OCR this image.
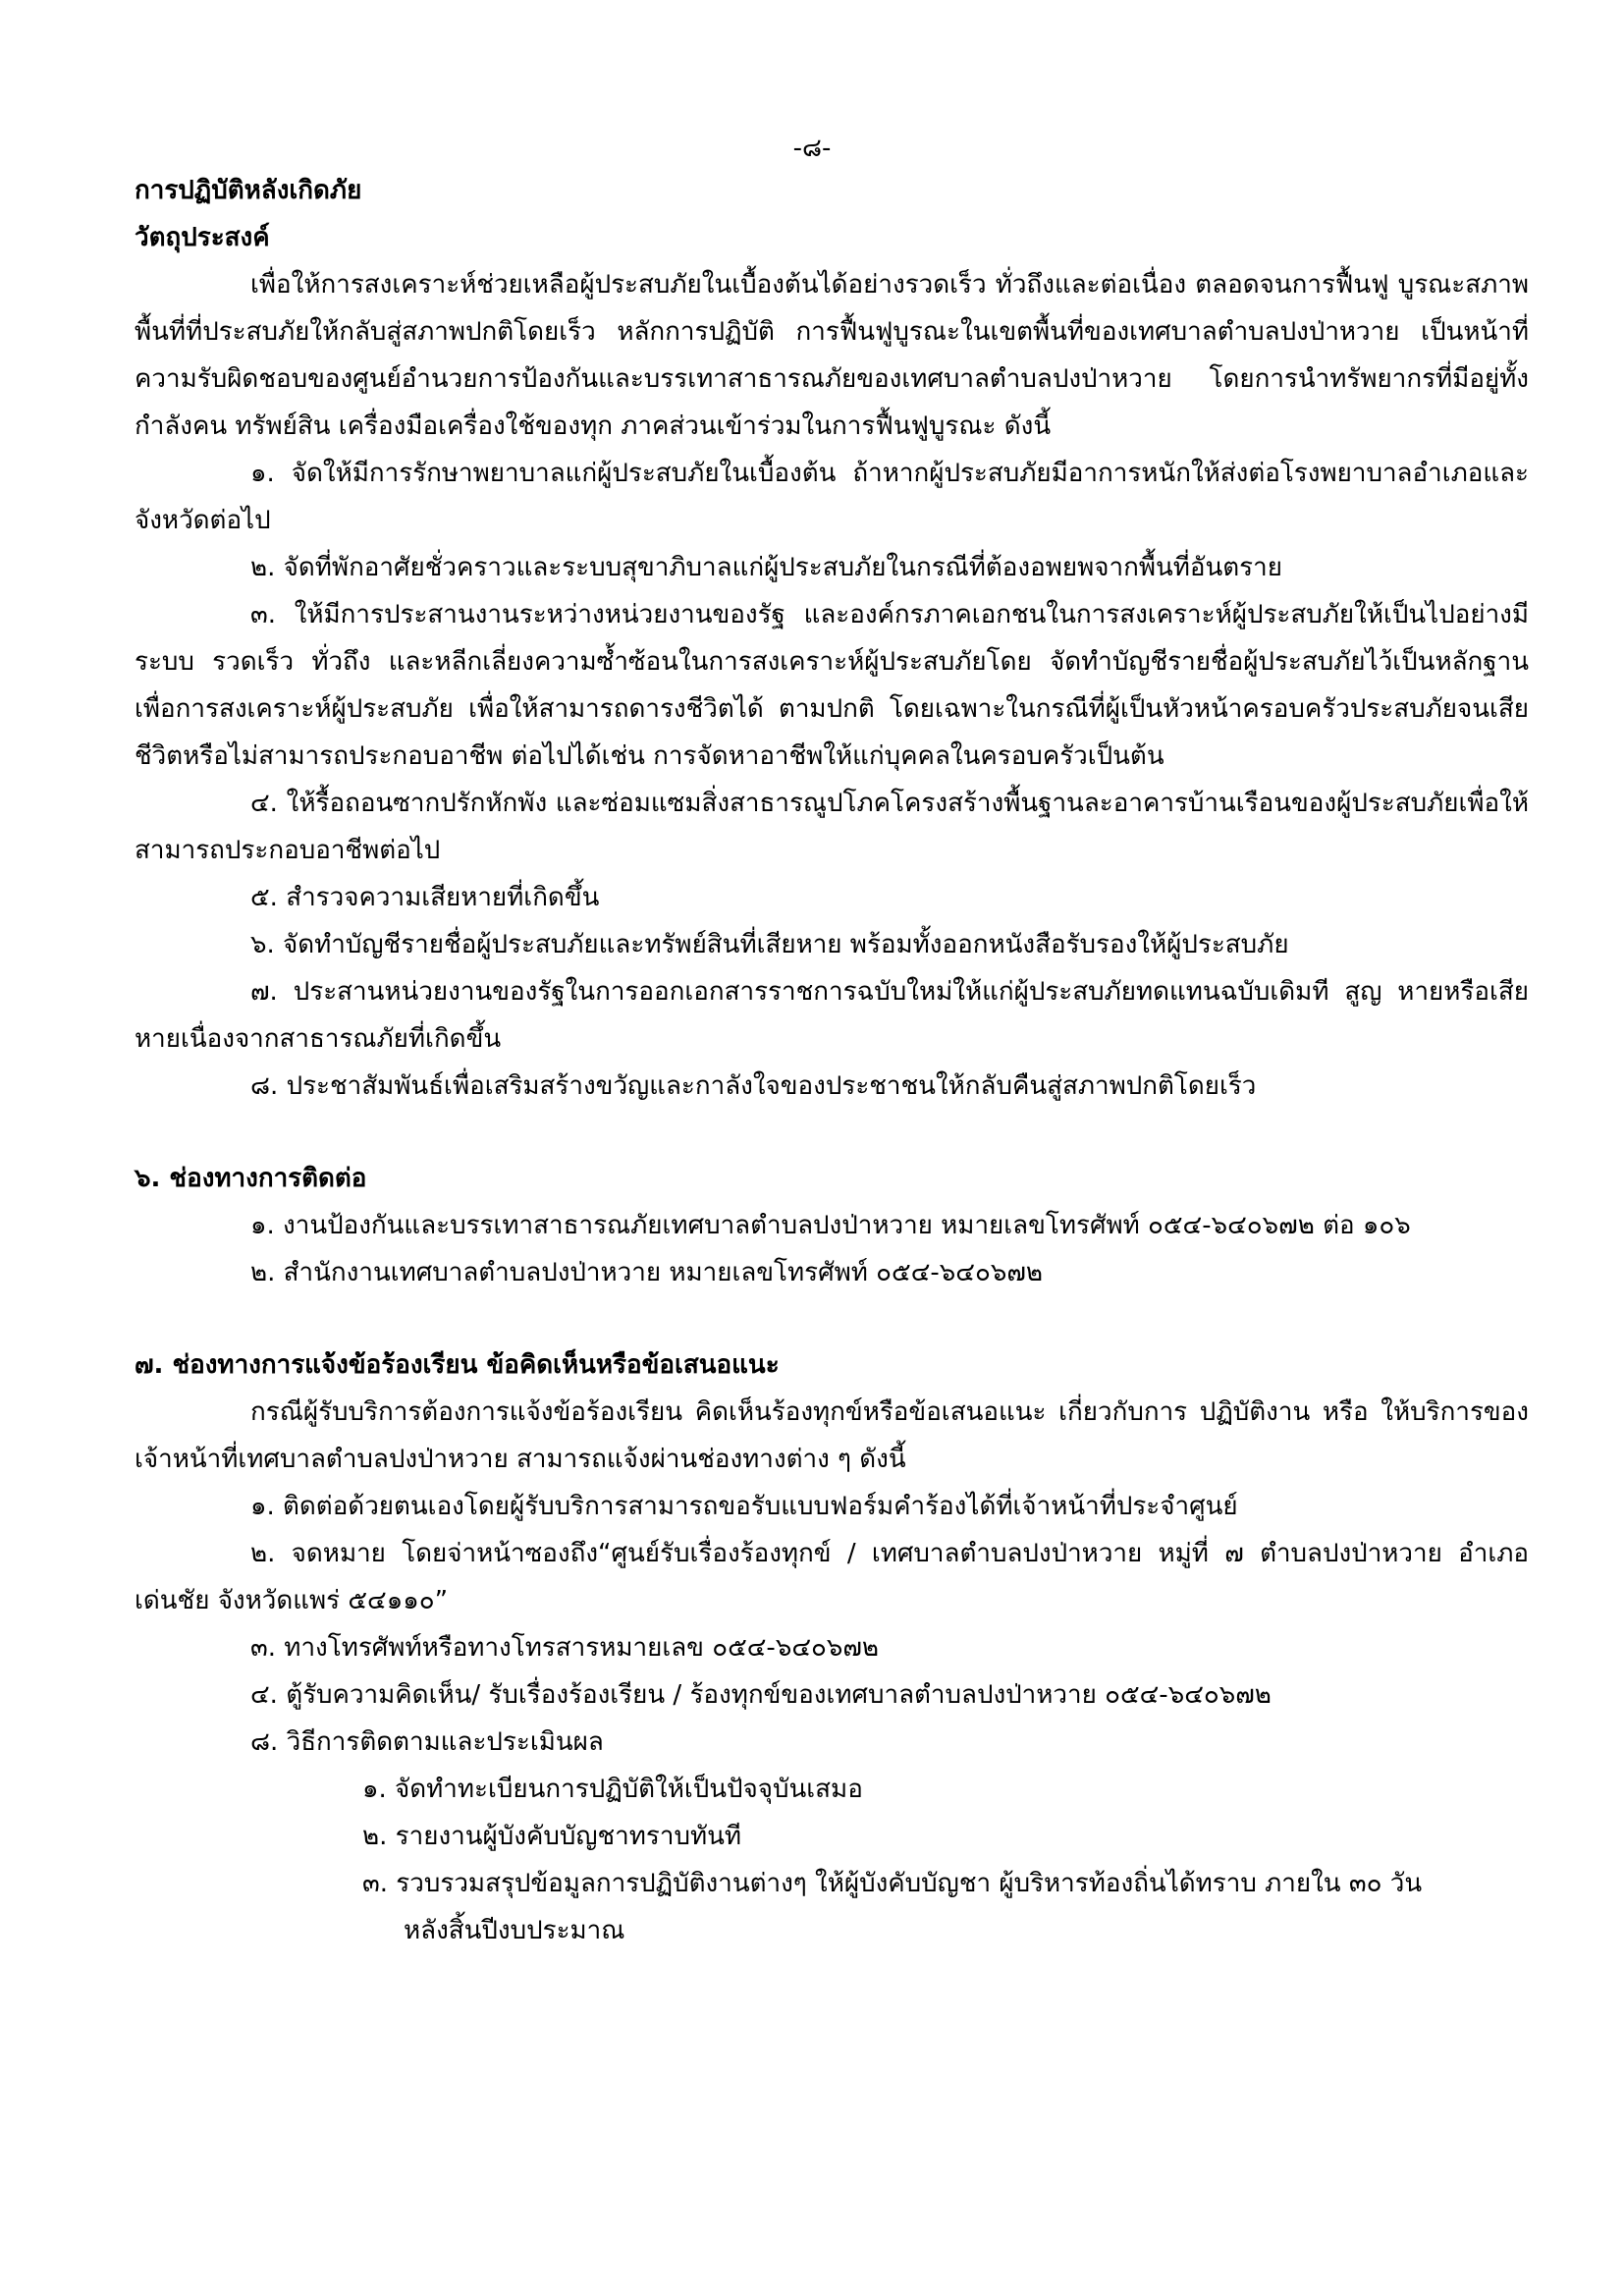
-๘-

การปฏิบัติหลังเกิดภัย

วัตถุประสงค์

เพื่อให้การสงเคราะห์ช่วยเหลือผู้ประสบภัยในเบื้องต้นได้อย่างรวดเร็ว ทั่วถึงและต่อเนื่อง ตลอดจนการฟื้นฟู บูรณะสภาพพื้นที่ที่ประสบภัยให้กลับสู่สภาพปกติโดยเร็ว หลักการปฏิบัติ การฟื้นฟูบูรณะในเขตพื้นที่ของเทศบาลตำบลปงป่าหวาย เป็นหน้าที่ ความรับผิดชอบของศูนย์อำนวยการป้องกันและบรรเทาสาธารณภัยของเทศบาลตำบลปงป่าหวาย โดยการนำทรัพยากรที่มีอยู่ทั้งกำลังคน ทรัพย์สิน เครื่องมือเครื่องใช้ของทุก ภาคส่วนเข้าร่วมในการฟื้นฟูบูรณะ ดังนี้

๑. จัดให้มีการรักษาพยาบาลแก่ผู้ประสบภัยในเบื้องต้น ถ้าหากผู้ประสบภัยมีอาการหนักให้ส่งต่อโรงพยาบาลอำเภอและจังหวัดต่อไป

๒. จัดที่พักอาศัยชั่วคราวและระบบสุขาภิบาลแก่ผู้ประสบภัยในกรณีที่ต้องอพยพจากพื้นที่อันตราย

๓. ให้มีการประสานงานระหว่างหน่วยงานของรัฐ และองค์กรภาคเอกชนในการสงเคราะห์ผู้ประสบภัยให้เป็นไปอย่างมีระบบ รวดเร็ว ทั่วถึง และหลีกเลี่ยงความซ้ำซ้อนในการสงเคราะห์ผู้ประสบภัยโดย จัดทำบัญชีรายชื่อผู้ประสบภัยไว้เป็นหลักฐานเพื่อการสงเคราะห์ผู้ประสบภัย เพื่อให้สามารถดารงชีวิตได้ ตามปกติ โดยเฉพาะในกรณีที่ผู้เป็นหัวหน้าครอบครัวประสบภัยจนเสียชีวิตหรือไม่สามารถประกอบอาชีพ ต่อไปได้เช่น การจัดหาอาชีพให้แก่บุคคลในครอบครัวเป็นต้น

๔. ให้รื้อถอนซากปรักหักพัง และซ่อมแซมสิ่งสาธารณูปโภคโครงสร้างพื้นฐานละอาคารบ้านเรือนของผู้ประสบภัยเพื่อให้สามารถประกอบอาชีพต่อไป

๕. สำรวจความเสียหายที่เกิดขึ้น

๖. จัดทำบัญชีรายชื่อผู้ประสบภัยและทรัพย์สินที่เสียหาย พร้อมทั้งออกหนังสือรับรองให้ผู้ประสบภัย

๗. ประสานหน่วยงานของรัฐในการออกเอกสารราชการฉบับใหม่ให้แก่ผู้ประสบภัยทดแทนฉบับเดิมที สูญ หายหรือเสียหายเนื่องจากสาธารณภัยที่เกิดขึ้น

๘. ประชาสัมพันธ์เพื่อเสริมสร้างขวัญและกาลังใจของประชาชนให้กลับคืนสู่สภาพปกติโดยเร็ว

๖. ช่องทางการติดต่อ

๑. งานป้องกันและบรรเทาสาธารณภัยเทศบาลตำบลปงป่าหวาย หมายเลขโทรศัพท์ ๐๕๔-๖๔๐๖๗๒ ต่อ ๑๐๖

๒. สำนักงานเทศบาลตำบลปงป่าหวาย หมายเลขโทรศัพท์ ๐๕๔-๖๔๐๖๗๒

๗. ช่องทางการแจ้งข้อร้องเรียน ข้อคิดเห็นหรือข้อเสนอแนะ

กรณีผู้รับบริการต้องการแจ้งข้อร้องเรียน คิดเห็นร้องทุกข์หรือข้อเสนอแนะ เกี่ยวกับการ ปฏิบัติงาน หรือ ให้บริการของเจ้าหน้าที่เทศบาลตำบลปงป่าหวาย สามารถแจ้งผ่านช่องทางต่าง ๆ ดังนี้

๑. ติดต่อด้วยตนเองโดยผู้รับบริการสามารถขอรับแบบฟอร์มคำร้องได้ที่เจ้าหน้าที่ประจำศูนย์

๒. จดหมาย โดยจ่าหน้าซองถึง“ศูนย์รับเรื่องร้องทุกข์ / เทศบาลตำบลปงป่าหวาย หมู่ที่ ๗ ตำบลปงป่าหวาย อำเภอเด่นชัย จังหวัดแพร่ ๕๔๑๑๐”

๓. ทางโทรศัพท์หรือทางโทรสารหมายเลข ๐๕๔-๖๔๐๖๗๒

๔. ตู้รับความคิดเห็น/ รับเรื่องร้องเรียน / ร้องทุกข์ของเทศบาลตำบลปงป่าหวาย ๐๕๔-๖๔๐๖๗๒

๘. วิธีการติดตามและประเมินผล

๑. จัดทำทะเบียนการปฏิบัติให้เป็นปัจจุบันเสมอ

๒. รายงานผู้บังคับบัญชาทราบทันที

๓. รวบรวมสรุปข้อมูลการปฏิบัติงานต่างๆ ให้ผู้บังคับบัญชา ผู้บริหารท้องถิ่นได้ทราบ ภายใน ๓๐ วัน
หลังสิ้นปีงบประมาณ
